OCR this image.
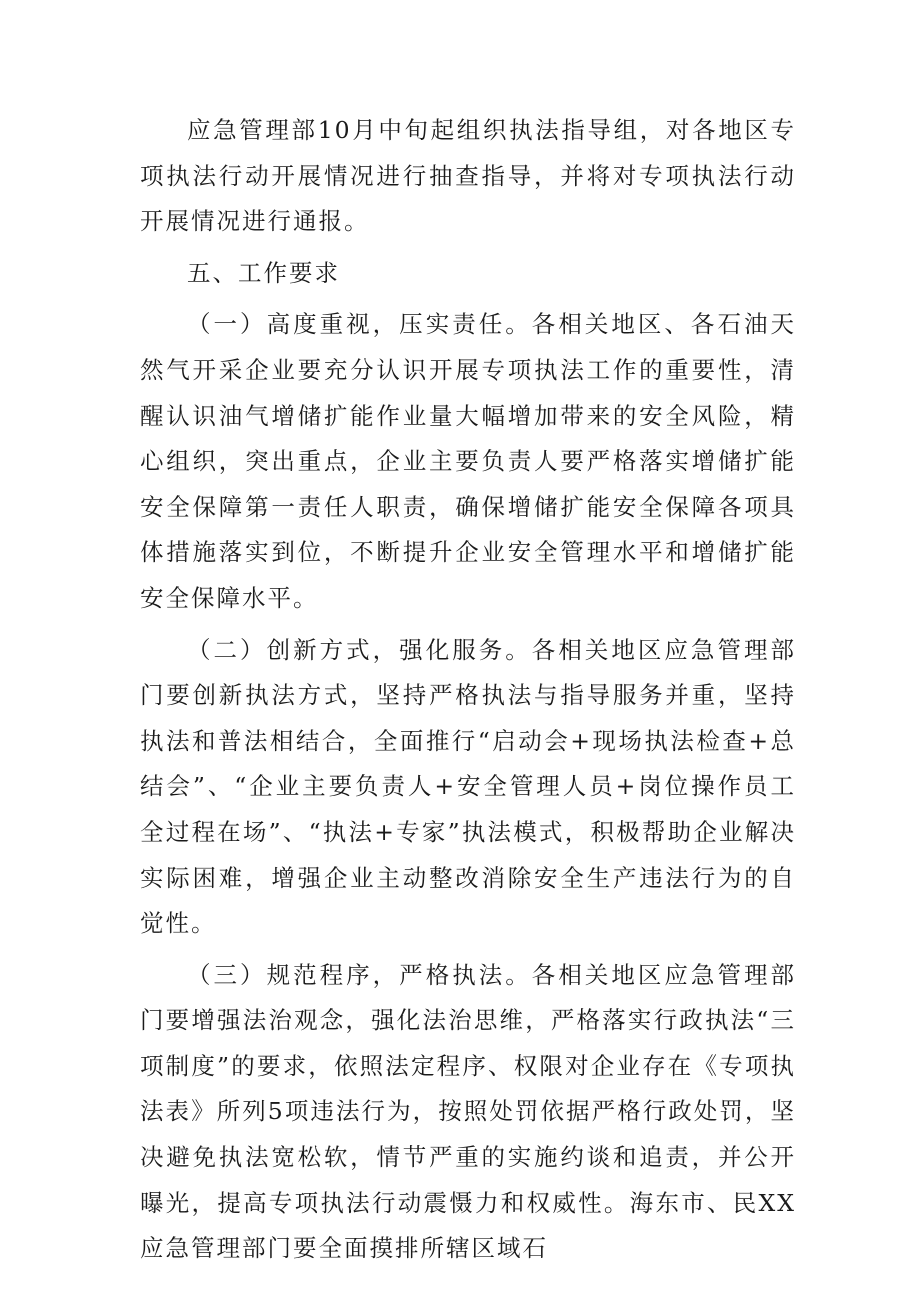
应急管理部10月中旬起组织执法指导组，对各地区专项执法行动开展情况进行抽查指导，并将对专项执法行动开展情况进行通报。

五、工作要求

（一）高度重视，压实责任。各相关地区、各石油天然气开采企业要充分认识开展专项执法工作的重要性，清醒认识油气增储扩能作业量大幅增加带来的安全风险，精心组织，突出重点，企业主要负责人要严格落实增储扩能安全保障第一责任人职责，确保增储扩能安全保障各项具体措施落实到位，不断提升企业安全管理水平和增储扩能安全保障水平。

（二）创新方式，强化服务。各相关地区应急管理部门要创新执法方式，坚持严格执法与指导服务并重，坚持执法和普法相结合，全面推行“启动会+现场执法检查+总结会”、“企业主要负责人+安全管理人员+岗位操作员工全过程在场”、“执法+专家”执法模式，积极帮助企业解决实际困难，增强企业主动整改消除安全生产违法行为的自觉性。

（三）规范程序，严格执法。各相关地区应急管理部门要增强法治观念，强化法治思维，严格落实行政执法“三项制度”的要求，依照法定程序、权限对企业存在《专项执法表》所列5项违法行为，按照处罚依据严格行政处罚，坚决避免执法宽松软，情节严重的实施约谈和追责，并公开曝光，提高专项执法行动震慑力和权威性。海东市、民XX应急管理部门要全面摸排所辖区域石
